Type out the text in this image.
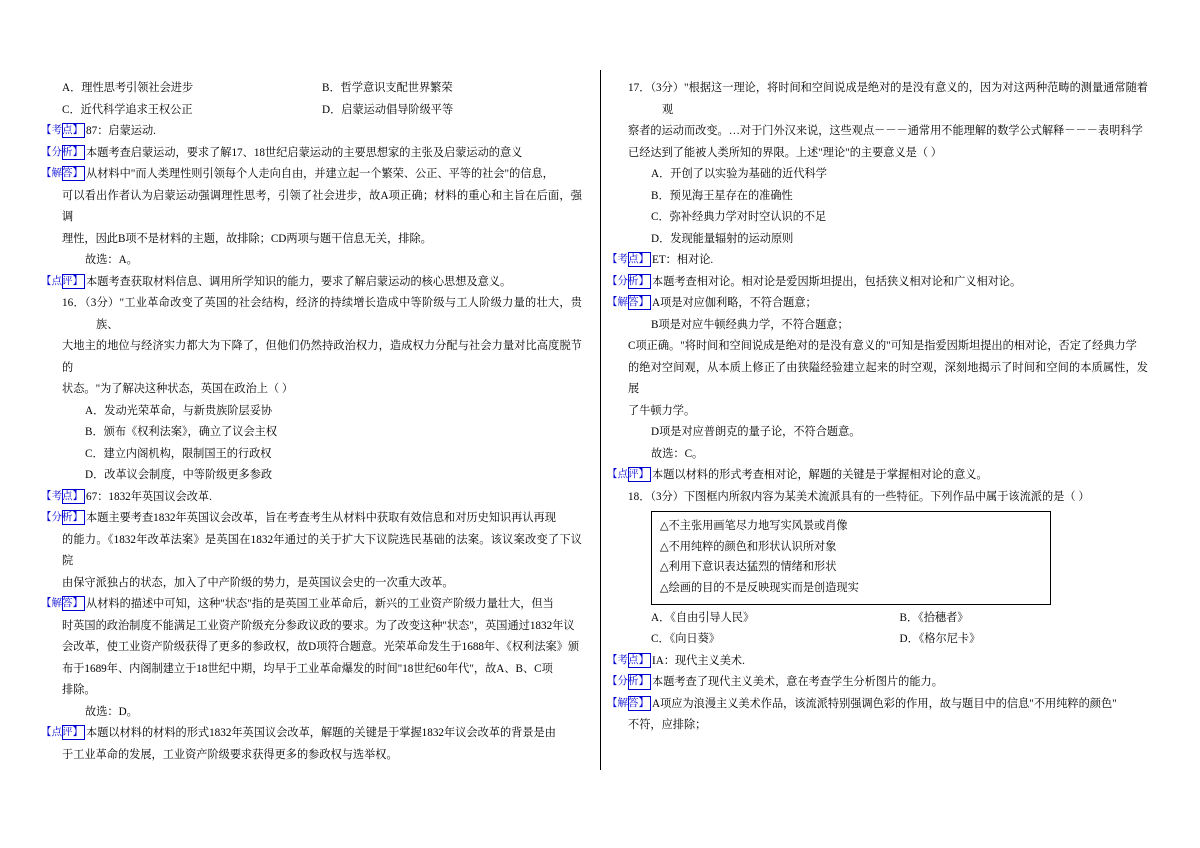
A．理性思考引领社会进步	B．哲学意识支配世界繁荣
C．近代科学追求王权公正	D．启蒙运动倡导阶级平等

【考点】 87：启蒙运动.

【分析】 本题考查启蒙运动，要求了解17、18世纪启蒙运动的主要思想家的主张及启蒙运动的意义

【解答】 从材料中"而人类理性则引领每个人走向自由，并建立起一个繁荣、公正、平等的社会"的信息，

可以看出作者认为启蒙运动强调理性思考，引领了社会进步，故A项正确；材料的重心和主旨在后面，强调

理性，因此B项不是材料的主题，故排除；CD两项与题干信息无关，排除。

故选：A。

【点评】 本题考查获取材料信息、调用所学知识的能力，要求了解启蒙运动的核心思想及意义。

16．（3分）"工业革命改变了英国的社会结构，经济的持续增长造成中等阶级与工人阶级力量的壮大，贵族、

大地主的地位与经济实力都大为下降了，但他们仍然持政治权力，造成权力分配与社会力量对比高度脱节的

状态。"为了解决这种状态，英国在政治上（ ）

A．发动光荣革命，与新贵族阶层妥协

B．颁布《权利法案》，确立了议会主权

C．建立内阁机构，限制国王的行政权

D．改革议会制度，中等阶级更多参政

【考点】 67：1832年英国议会改革.

【分析】 本题主要考查1832年英国议会改革，旨在考查考生从材料中获取有效信息和对历史知识再认再现

的能力。《1832年改革法案》是英国在1832年通过的关于扩大下议院选民基础的法案。该议案改变了下议院

由保守派独占的状态，加入了中产阶级的势力，是英国议会史的一次重大改革。

【解答】 从材料的描述中可知，这种"状态"指的是英国工业革命后，新兴的工业资产阶级力量壮大，但当

时英国的政治制度不能满足工业资产阶级充分参政议政的要求。为了改变这种"状态"，英国通过1832年议

会改革，使工业资产阶级获得了更多的参政权，故D项符合题意。光荣革命发生于1688年、《权利法案》颁

布于1689年、内阁制建立于18世纪中期，均早于工业革命爆发的时间"18世纪60年代"，故A、B、C项

排除。

故选：D。

【点评】 本题以材料的材料的形式1832年英国议会改革，解题的关键是于掌握1832年议会改革的背景是由

于工业革命的发展，工业资产阶级要求获得更多的参政权与选举权。

17．（3分）"根据这一理论，将时间和空间说成是绝对的是没有意义的，因为对这两种范畴的测量通常随着观

察者的运动而改变。…对于门外汉来说，这些观点－－－通常用不能理解的数学公式解释－－－表明科学

已经达到了能被人类所知的界限。上述"理论"的主要意义是（ ）

A．开创了以实验为基础的近代科学

B．预见海王星存在的准确性

C．弥补经典力学对时空认识的不足

D．发现能量辐射的运动原则

【考点】 ET：相对论.

【分析】 本题考查相对论。相对论是爱因斯坦提出，包括狭义相对论和广义相对论。

【解答】 A项是对应伽利略，不符合题意；

B项是对应牛顿经典力学，不符合题意；

C项正确。"将时间和空间说成是绝对的是没有意义的"可知是指爱因斯坦提出的相对论，否定了经典力学

的绝对空间观，从本质上修正了由狭隘经验建立起来的时空观，深刻地揭示了时间和空间的本质属性，发展

了牛顿力学。

D项是对应普朗克的量子论，不符合题意。

故选：C。

【点评】 本题以材料的形式考查相对论，解题的关键是于掌握相对论的意义。

18．（3分）下图框内所叙内容为某美术流派具有的一些特征。下列作品中属于该流派的是（ ）

△不主张用画笔尽力地写实风景或肖像

△不用纯粹的颜色和形状认识所对象

△利用下意识表达猛烈的情绪和形状

△绘画的目的不是反映现实而是创造现实

A．《自由引导人民》	B．《拾穗者》
C．《向日葵》	D．《格尔尼卡》

【考点】 IA：现代主义美术.

【分析】 本题考查了现代主义美术，意在考查学生分析图片的能力。

【解答】 A项应为浪漫主义美术作品，该流派特别强调色彩的作用，故与题目中的信息"不用纯粹的颜色"

不符，应排除；
